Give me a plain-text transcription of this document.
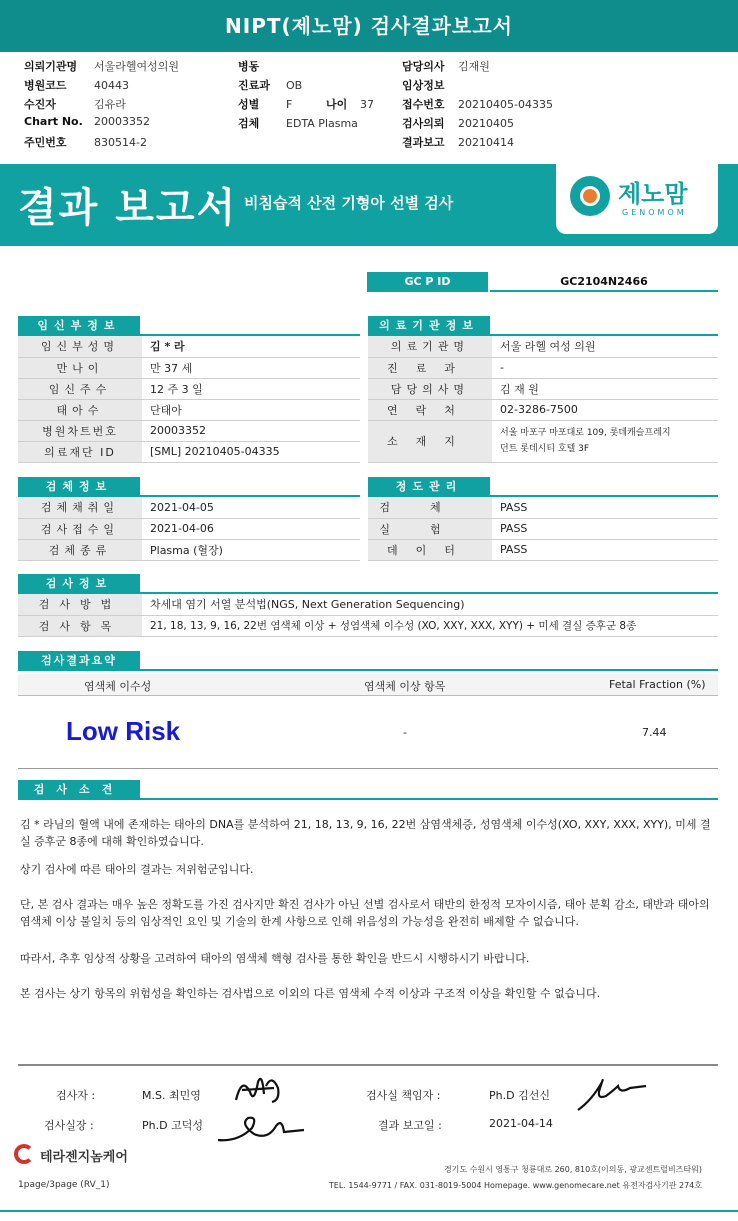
NIPT(제노맘) 검사결과보고서
의뢰기관명 서울라헬여성의원
병원코드 40443
수진자	김유라
Chart No. 20003352
주민번호 830514-2
병동
진료과 OB
성별 F	나이 37
검체 EDTA Plasma
담당의사 김재원
임상정보
접수번호 20210405-04335
검사의뢰 20210405
결과보고 20210414
결과 보고서 비침습적 산전 기형아 선별 검사	제노맘
GENOMOM
GC P ID	GC2104N2466
임신부정보
임신부성명	김 * 라
만나이	만 37 세
임신주수	12 주 3 일
태아수	단태아
병원차트번호	20003352
의료재단 ID	[SML] 20210405-04335
의료기관정보
의료기관명	서울 라헬 여성 의원
진료과	-
담당의사명	김 재 원
연락처	02-3286-7500
소재지	서울 마포구 마포대로 109, 롯데캐슬프레지
던트 롯데시티 호텔 3F
검체정보
검체채취일	2021-04-05
검사접수일	2021-04-06
검체종류	Plasma (혈장)
정도관리
검체	PASS
실험	PASS
데이터	PASS
검사정보
검사방법	차세대 염기 서열 분석법(NGS, Next Generation Sequencing)
검사항목	21, 18, 13, 9, 16, 22번 염색체 이상 + 성염색체 이수성 (XO, XXY, XXX, XYY) + 미세 결실 증후군 8종
검사결과요약
염색체 이수성	염색체 이상 항목	Fetal Fraction (%)
Low Risk	-	7.44
검사소견
김 * 라님의 혈액 내에 존재하는 태아의 DNA를 분석하여 21, 18, 13, 9, 16, 22번 삼염색체증, 성염색체 이수성(XO, XXY, XXX, XYY), 미세 결실 증후군 8종에 대해 확인하였습니다.
상기 검사에 따른 태아의 결과는 저위험군입니다.
단, 본 검사 결과는 매우 높은 정확도를 가진 검사지만 확진 검사가 아닌 선별 검사로서 태반의 한정적 모자이시즘, 태아 분획 감소, 태반과 태아의 염색체 이상 불일치 등의 임상적인 요인 및 기술의 한계 사항으로 인해 위음성의 가능성을 완전히 배제할 수 없습니다.
따라서, 추후 임상적 상황을 고려하여 태아의 염색체 핵형 검사를 통한 확인을 반드시 시행하시기 바랍니다.
본 검사는 상기 항목의 위험성을 확인하는 검사법으로 이외의 다른 염색체 수적 이상과 구조적 이상을 확인할 수 없습니다.
검사자 :	M.S. 최민영	검사실 책임자 :	Ph.D 김선신
검사실장 :	Ph.D 고덕성	결과 보고일 :	2021-04-14
테라젠지놈케어
경기도 수원시 영통구 청룡대로 260, 810호(이의동, 광교센트럴비즈타워)
TEL. 1544-9771 / FAX. 031-8019-5004 Homepage. www.genomecare.net 유전자검사기관 274호
1page/3page (RV_1)
